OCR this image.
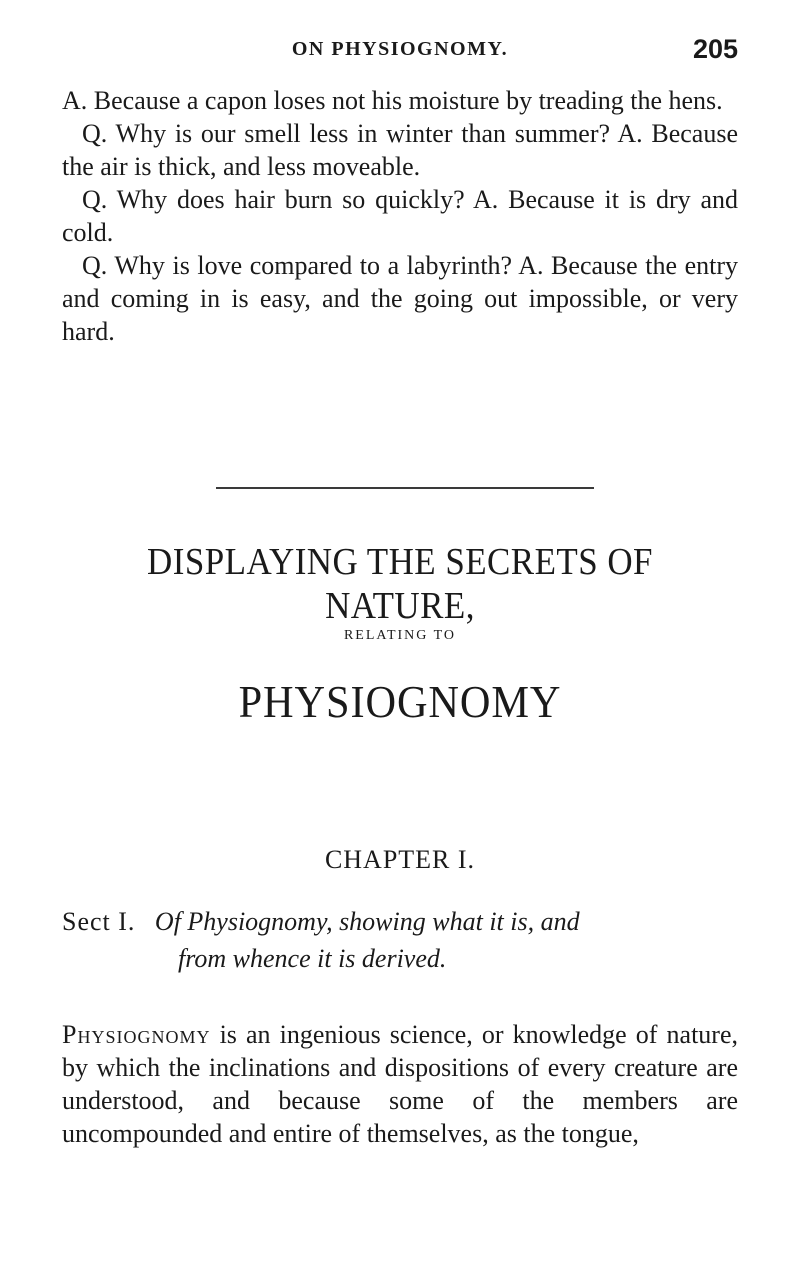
ON PHYSIOGNOMY.	205

A. Because a capon loses not his moisture by treading the hens.

Q. Why is our smell less in winter than summer? A. Because the air is thick, and less moveable.

Q. Why does hair burn so quickly? A. Because it is dry and cold.

Q. Why is love compared to a labyrinth? A. Because the entry and coming in is easy, and the going out impossible, or very hard.

DISPLAYING THE SECRETS OF NATURE,
RELATING TO
PHYSIOGNOMY
CHAPTER I.
Sect I. Of Physiognomy, showing what it is, and
from whence it is derived.

Physiognomy is an ingenious science, or knowledge of nature, by which the inclinations and dispositions of every creature are understood, and because some of the members are uncompounded and entire of themselves, as the tongue,
